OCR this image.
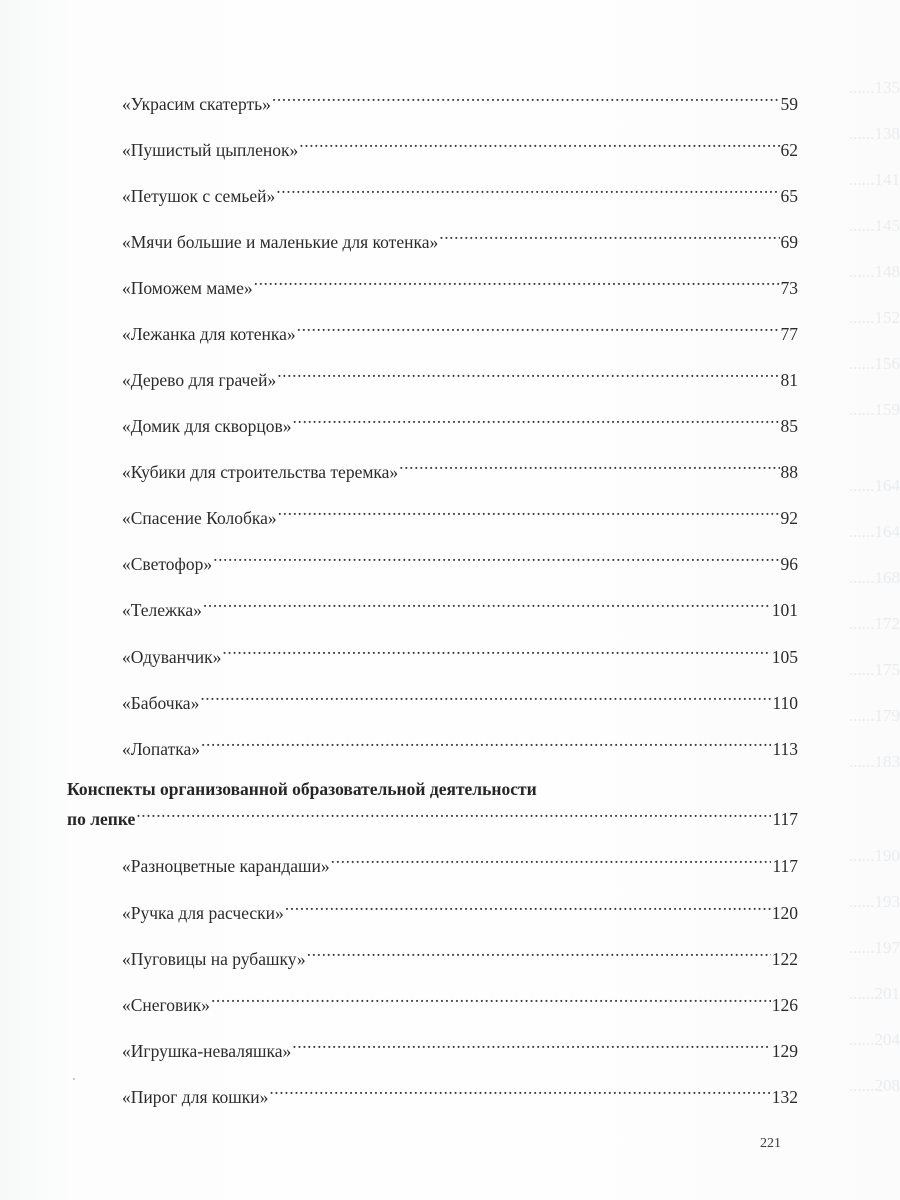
......135
......138
......141
......145
......148
......152
......156
......159
......164
......164
......168
......172
......175
......179
......183
......190
......193
......197
......201
......204
......208
«Украсим скатерть» .....	59
«Пушистый цыпленок» .....	62
«Петушок с семьей» .....	65
«Мячи большие и маленькие для котенка» .....	69
«Поможем маме» .....	73
«Лежанка для котенка» .....	77
«Дерево для грачей» .....	81
«Домик для скворцов» .....	85
«Кубики для строительства теремка» .....	88
«Спасение Колобка» .....	92
«Светофор» .....	96
«Тележка» .....	101
«Одуванчик» .....	105
«Бабочка» .....	110
«Лопатка» .....	113
Конспекты организованной образовательной деятельности
по лепке .....	117
«Разноцветные карандаши» .....	117
«Ручка для расчески» .....	120
«Пуговицы на рубашку» .....	122
«Снеговик» .....	126
«Игрушка-неваляшка» .....	129
«Пирог для кошки» .....	132
221
